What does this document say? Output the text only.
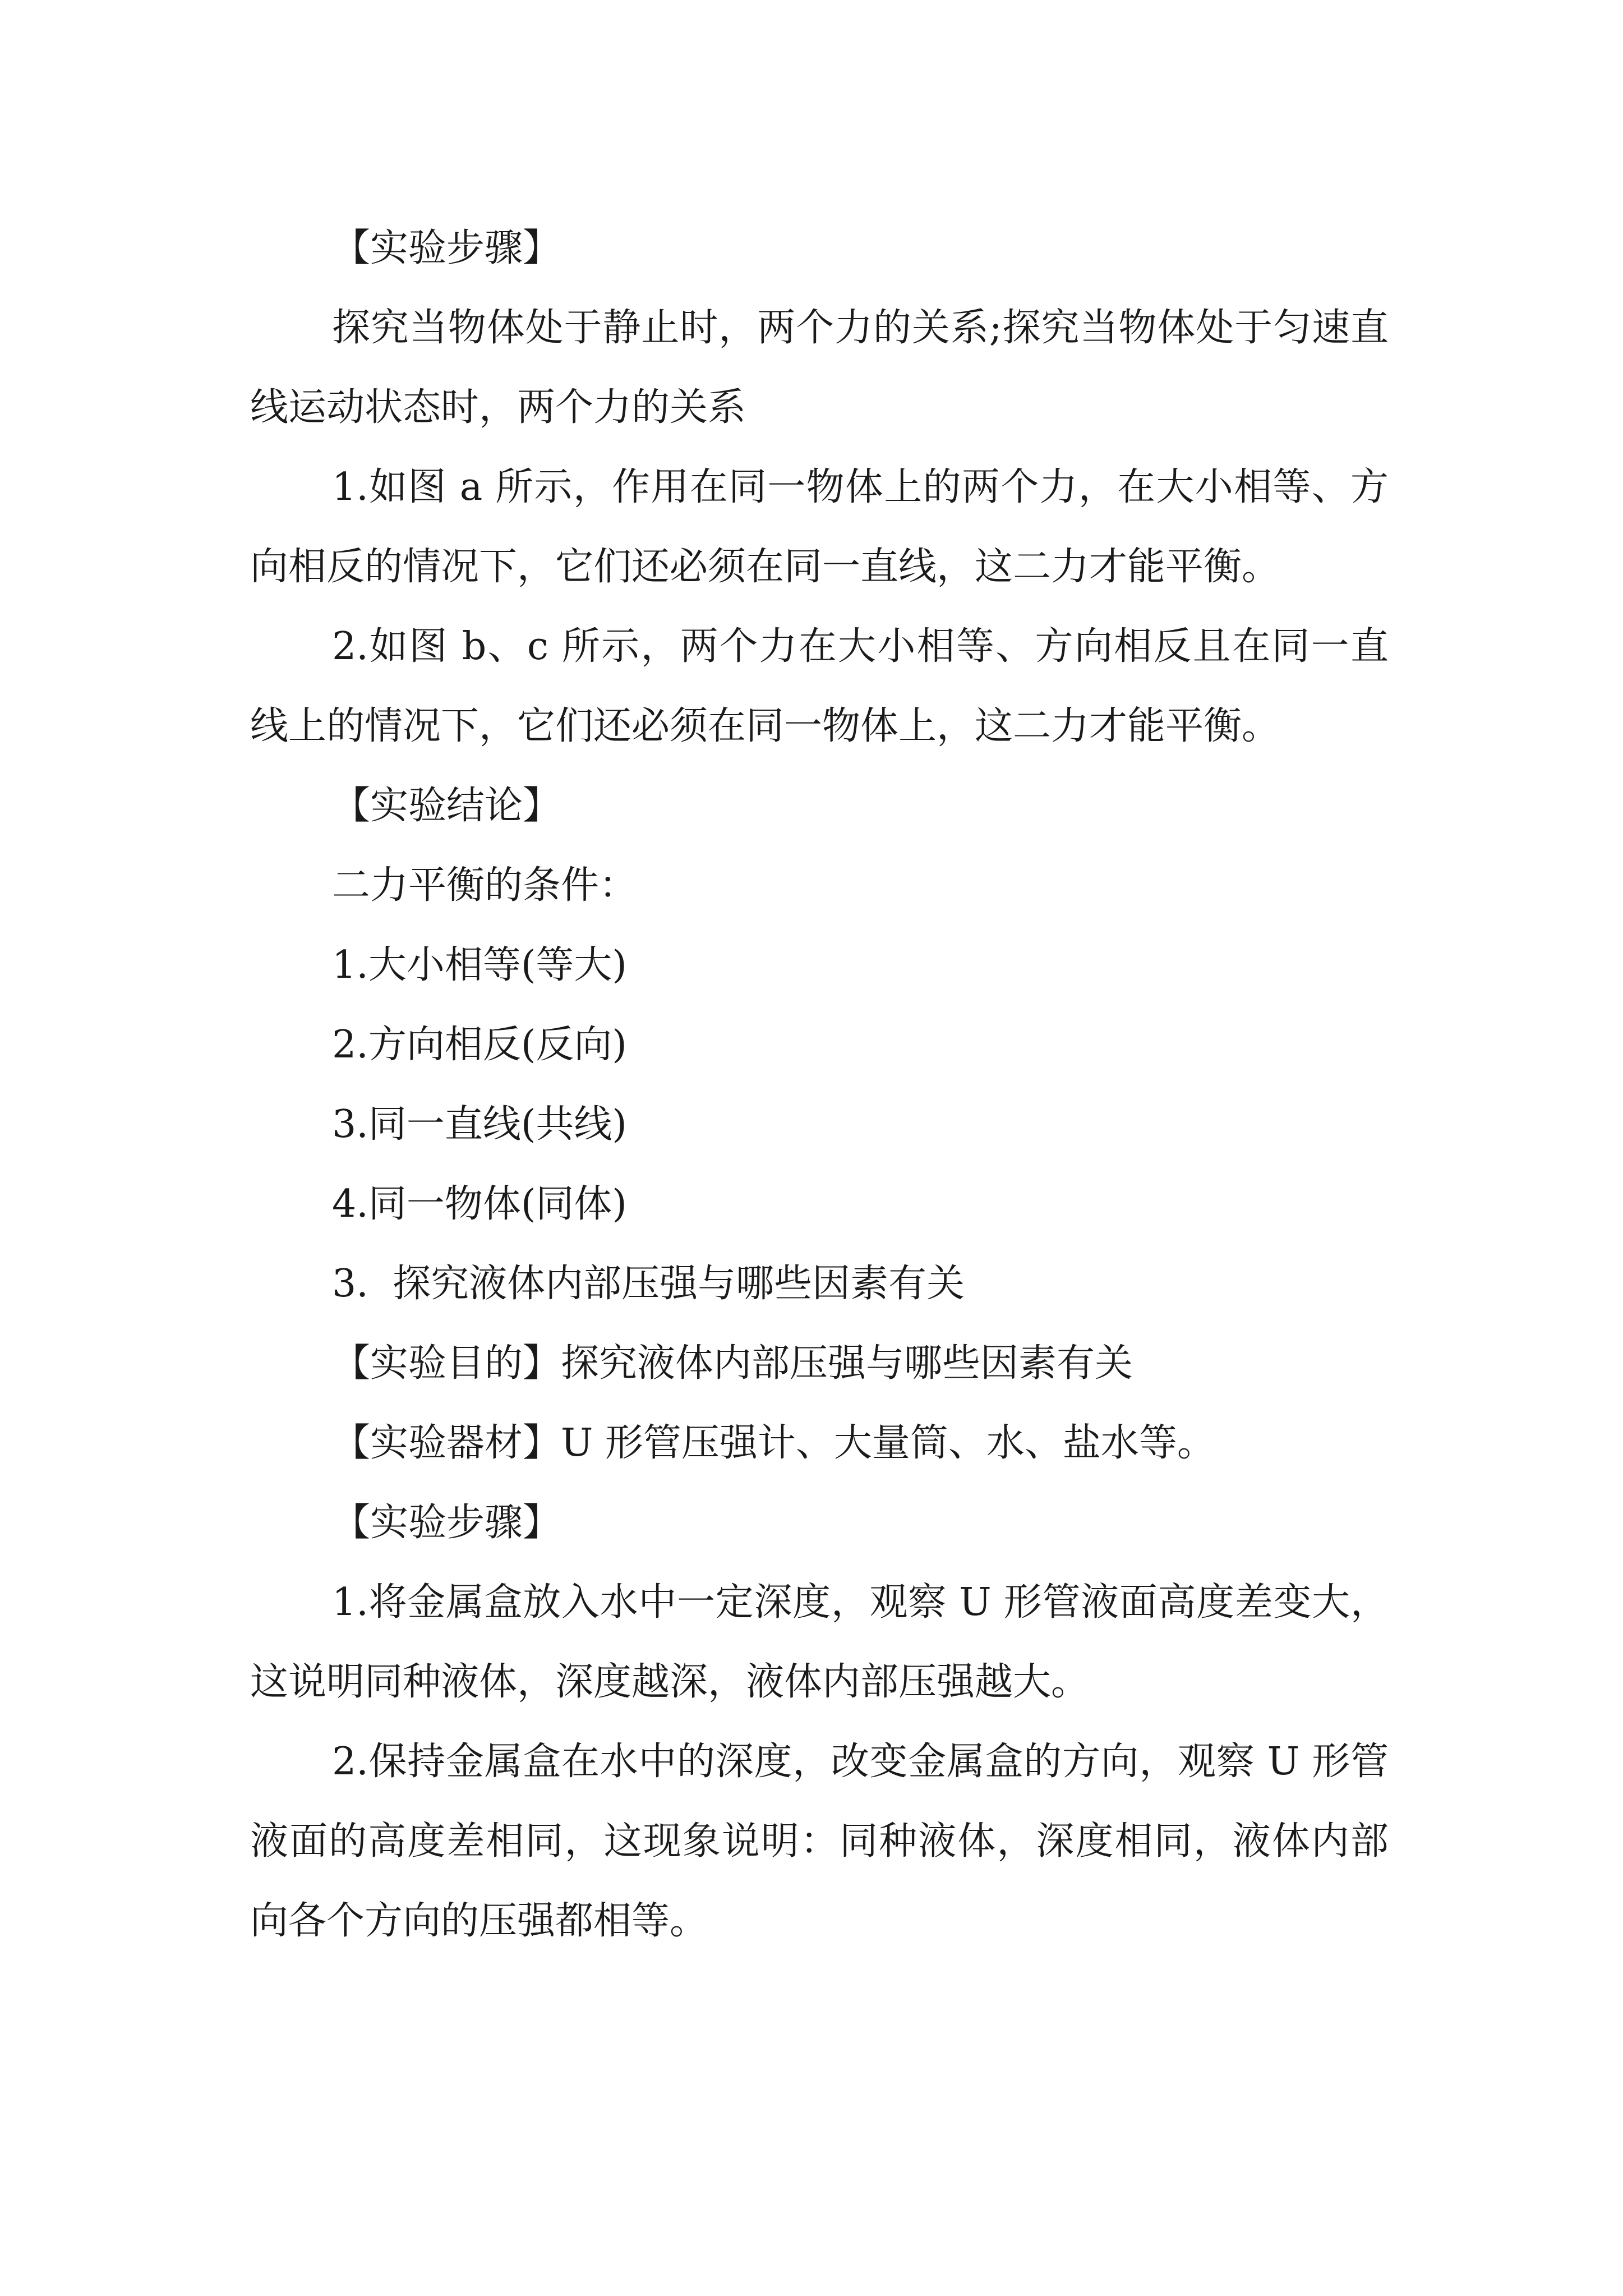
【实验步骤】

探究当物体处于静止时，两个力的关系;探究当物体处于匀速直线运动状态时，两个力的关系

1.如图 a 所示，作用在同一物体上的两个力，在大小相等、方向相反的情况下，它们还必须在同一直线，这二力才能平衡。

2.如图 b、c 所示，两个力在大小相等、方向相反且在同一直线上的情况下，它们还必须在同一物体上，这二力才能平衡。

【实验结论】

二力平衡的条件：

1.大小相等(等大)

2.方向相反(反向)

3.同一直线(共线)

4.同一物体(同体)

3.  探究液体内部压强与哪些因素有关

【实验目的】探究液体内部压强与哪些因素有关

【实验器材】U 形管压强计、大量筒、水、盐水等。

【实验步骤】

1.将金属盒放入水中一定深度，观察 U 形管液面高度差变大，这说明同种液体，深度越深，液体内部压强越大。

2.保持金属盒在水中的深度，改变金属盒的方向，观察 U 形管液面的高度差相同，这现象说明：同种液体，深度相同，液体内部向各个方向的压强都相等。
